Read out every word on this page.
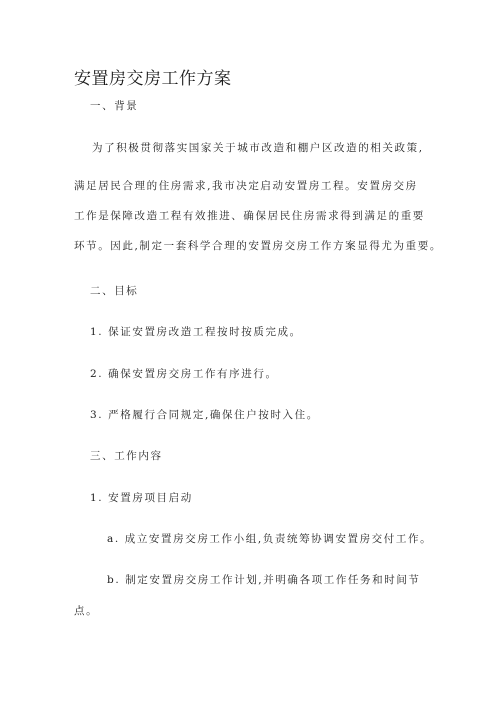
安置房交房工作方案
一、背景
为了积极贯彻落实国家关于城市改造和棚户区改造的相关政策,
满足居民合理的住房需求,我市决定启动安置房工程。安置房交房
工作是保障改造工程有效推进、确保居民住房需求得到满足的重要
环节。因此,制定一套科学合理的安置房交房工作方案显得尤为重要。
二、目标
1. 保证安置房改造工程按时按质完成。
2. 确保安置房交房工作有序进行。
3. 严格履行合同规定,确保住户按时入住。
三、工作内容
1. 安置房项目启动
a. 成立安置房交房工作小组,负责统筹协调安置房交付工作。
b. 制定安置房交房工作计划,并明确各项工作任务和时间节
点。
